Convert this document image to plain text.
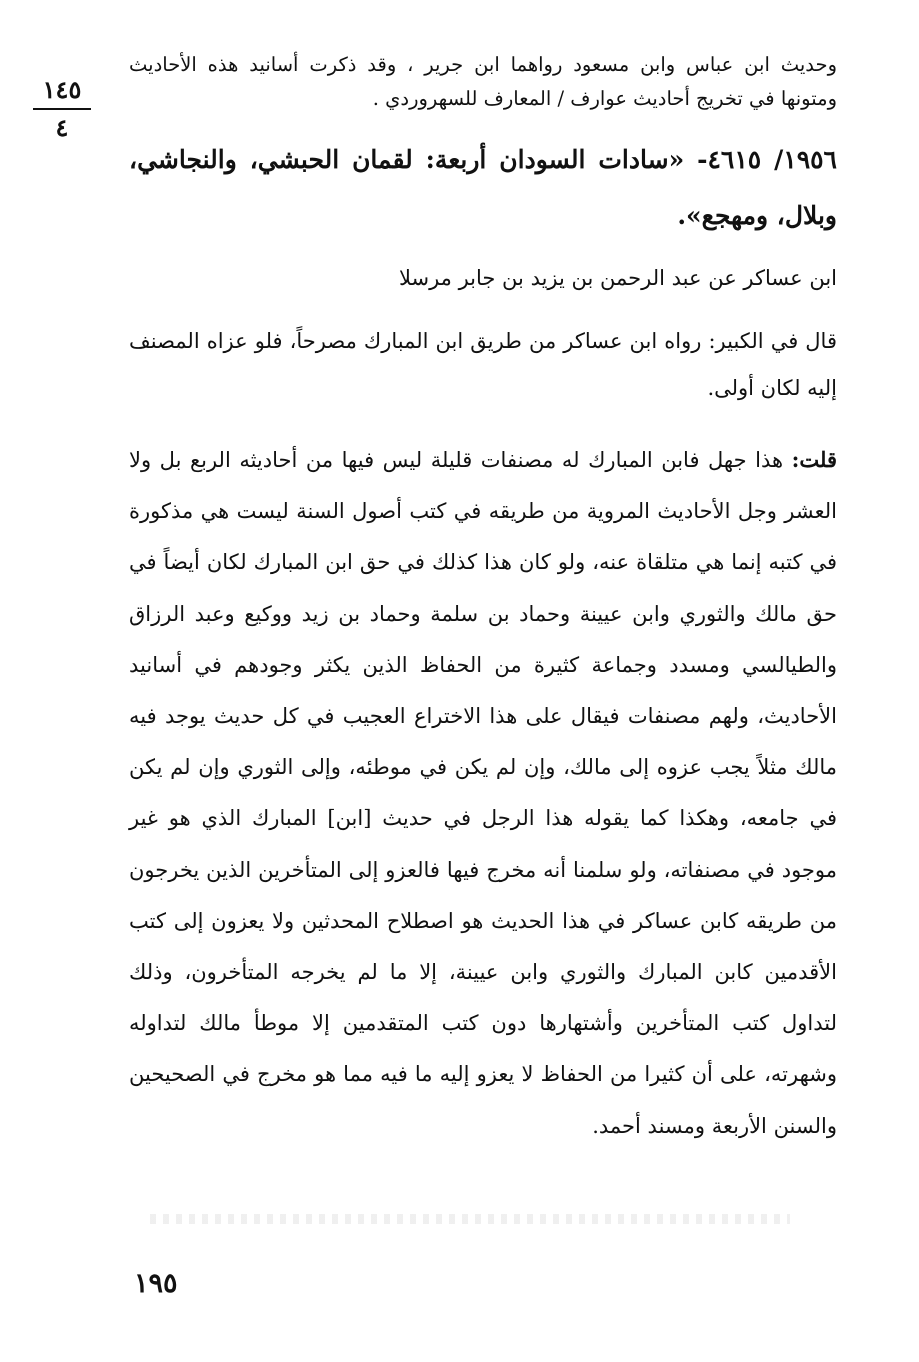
١٤٥
٤

وحديث ابن عباس وابن مسعود رواهما ابن جرير ، وقد ذكرت أسانيد هذه الأحاديث ومتونها في تخريج أحاديث عوارف / المعارف للسهروردي .

١٩٥٦/ ٤٦١٥- «سادات السودان أربعة: لقمان الحبشي، والنجاشي، وبلال، ومهجع».

ابن عساكر عن عبد الرحمن بن يزيد بن جابر مرسلا

قال في الكبير: رواه ابن عساكر من طريق ابن المبارك مصرحاً، فلو عزاه المصنف إليه لكان أولى.

قلت: هذا جهل فابن المبارك له مصنفات قليلة ليس فيها من أحاديثه الربع بل ولا العشر وجل الأحاديث المروية من طريقه في كتب أصول السنة ليست هي مذكورة في كتبه إنما هي متلقاة عنه، ولو كان هذا كذلك في حق ابن المبارك لكان أيضاً في حق مالك والثوري وابن عيينة وحماد بن سلمة وحماد بن زيد ووكيع وعبد الرزاق والطيالسي ومسدد وجماعة كثيرة من الحفاظ الذين يكثر وجودهم في أسانيد الأحاديث، ولهم مصنفات فيقال على هذا الاختراع العجيب في كل حديث يوجد فيه مالك مثلاً يجب عزوه إلى مالك، وإن لم يكن في موطئه، وإلى الثوري وإن لم يكن في جامعه، وهكذا كما يقوله هذا الرجل في حديث [ابن] المبارك الذي هو غير موجود في مصنفاته، ولو سلمنا أنه مخرج فيها فالعزو إلى المتأخرين الذين يخرجون من طريقه كابن عساكر في هذا الحديث هو اصطلاح المحدثين ولا يعزون إلى كتب الأقدمين كابن المبارك والثوري وابن عيينة، إلا ما لم يخرجه المتأخرون، وذلك لتداول كتب المتأخرين وأشتهارها دون كتب المتقدمين إلا موطأ مالك لتداوله وشهرته، على أن كثيرا من الحفاظ لا يعزو إليه ما فيه مما هو مخرج في الصحيحين والسنن الأربعة ومسند أحمد.

١٩٥
